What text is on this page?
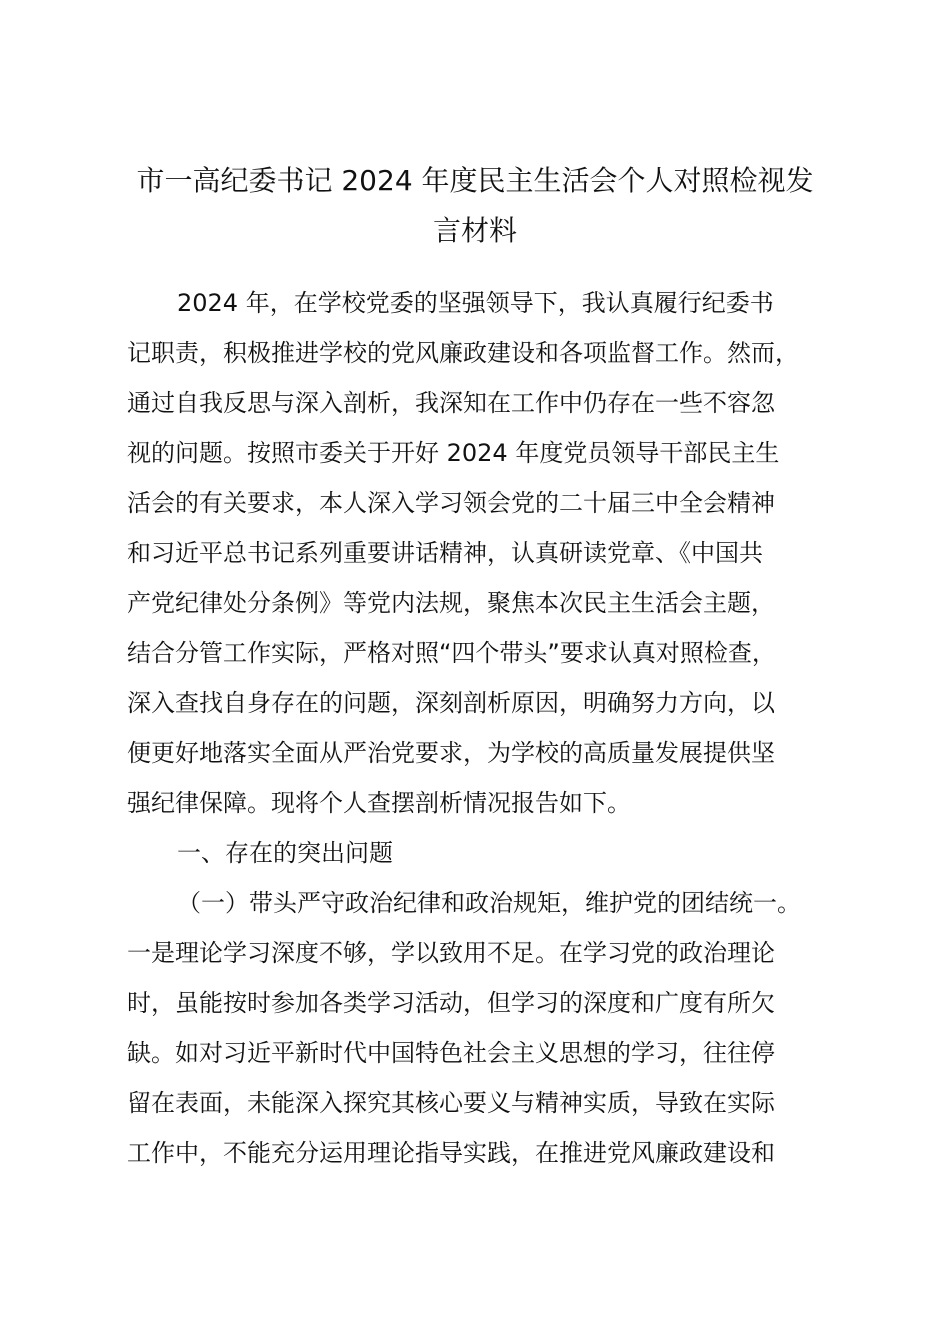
市一高纪委书记 2024 年度民主生活会个人对照检视发
言材料
2024 年，在学校党委的坚强领导下，我认真履行纪委书
记职责，积极推进学校的党风廉政建设和各项监督工作。然而，
通过自我反思与深入剖析，我深知在工作中仍存在一些不容忽
视的问题。按照市委关于开好 2024 年度党员领导干部民主生
活会的有关要求，本人深入学习领会党的二十届三中全会精神
和习近平总书记系列重要讲话精神，认真研读党章、《中国共
产党纪律处分条例》等党内法规，聚焦本次民主生活会主题，
结合分管工作实际，严格对照“四个带头”要求认真对照检查，
深入查找自身存在的问题，深刻剖析原因，明确努力方向，以
便更好地落实全面从严治党要求，为学校的高质量发展提供坚
强纪律保障。现将个人查摆剖析情况报告如下。
一、存在的突出问题
（一）带头严守政治纪律和政治规矩，维护党的团结统一。
一是理论学习深度不够，学以致用不足。在学习党的政治理论
时，虽能按时参加各类学习活动，但学习的深度和广度有所欠
缺。如对习近平新时代中国特色社会主义思想的学习，往往停
留在表面，未能深入探究其核心要义与精神实质，导致在实际
工作中，不能充分运用理论指导实践，在推进党风廉政建设和
